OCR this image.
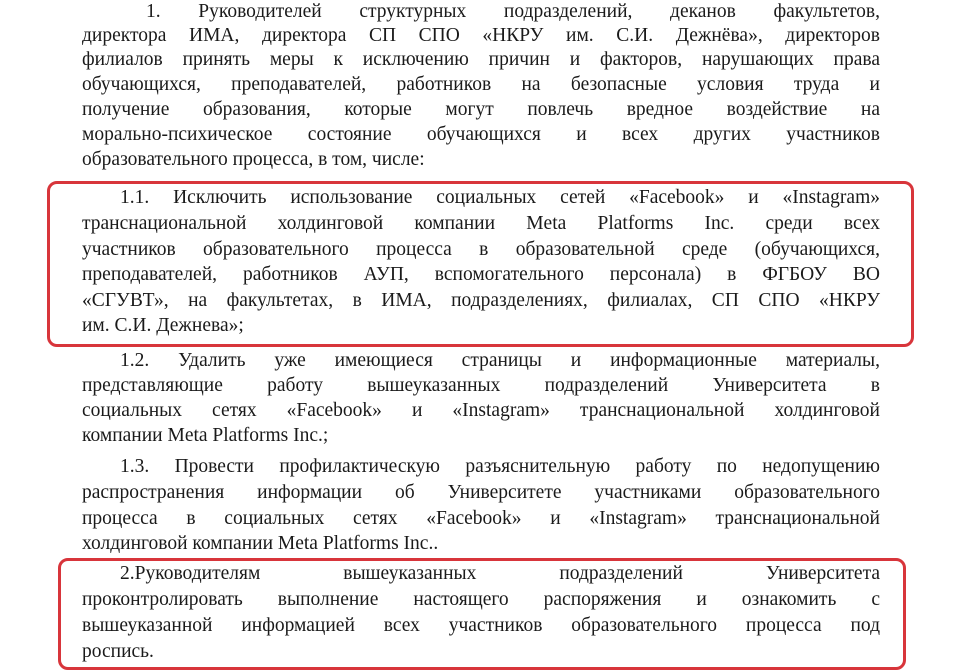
1. Руководителей структурных подразделений, деканов факультетов,
директора ИМА, директора СП СПО «НКРУ им. С.И. Дежнёва», директоров
филиалов принять меры к исключению причин и факторов, нарушающих права
обучающихся, преподавателей, работников на безопасные условия труда и
получение образования, которые могут повлечь вредное воздействие на
морально-психическое состояние обучающихся и всех других участников
образовательного процесса, в том, числе:
1.1. Исключить использование социальных сетей «Facebook» и «Instagram»
транснациональной холдинговой компании Meta Platforms Inc. среди всех
участников образовательного процесса в образовательной среде (обучающихся,
преподавателей, работников АУП, вспомогательного персонала) в ФГБОУ ВО
«СГУВТ», на факультетах, в ИМА, подразделениях, филиалах, СП СПО «НКРУ
им. С.И. Дежнева»;
1.2. Удалить уже имеющиеся страницы и информационные материалы,
представляющие работу вышеуказанных подразделений Университета в
социальных сетях «Facebook» и «Instagram» транснациональной холдинговой
компании Meta Platforms Inc.;
1.3. Провести профилактическую разъяснительную работу по недопущению
распространения информации об Университете участниками образовательного
процесса в социальных сетях «Facebook» и «Instagram» транснациональной
холдинговой компании Meta Platforms Inc..
2.Руководителям вышеуказанных подразделений Университета
проконтролировать выполнение настоящего распоряжения и ознакомить с
вышеуказанной информацией всех участников образовательного процесса под
роспись.
